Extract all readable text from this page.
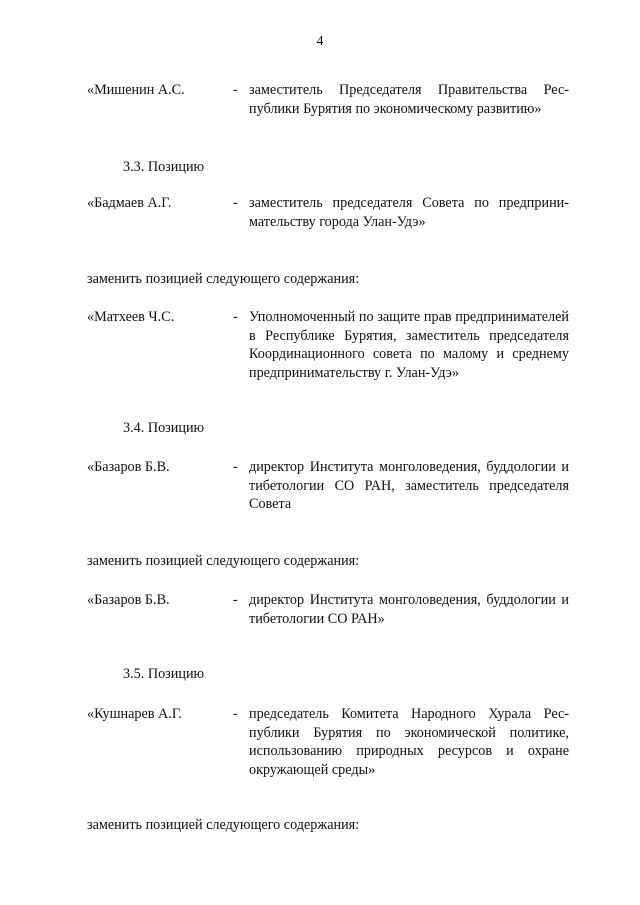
4
«Мишенин А.С.	- заместитель Председателя Правительства Республики Бурятия по экономическому развитию»
3.3. Позицию
«Бадмаев А.Г.	- заместитель председателя Совета по предпринимательству города Улан-Удэ»
заменить позицией следующего содержания:
«Матхеев Ч.С.	- Уполномоченный по защите прав предпринимателей в Республике Бурятия, заместитель председателя Координационного совета по малому и среднему предпринимательству г. Улан-Удэ»
3.4. Позицию
«Базаров Б.В.	- директор Института монголоведения, буддологии и тибетологии СО РАН, заместитель председателя Совета
заменить позицией следующего содержания:
«Базаров Б.В.	- директор Института монголоведения, буддологии и тибетологии СО РАН»
3.5. Позицию
«Кушнарев А.Г.	- председатель Комитета Народного Хурала Республики Бурятия по экономической политике, использованию природных ресурсов и охране окружающей среды»
заменить позицией следующего содержания:
